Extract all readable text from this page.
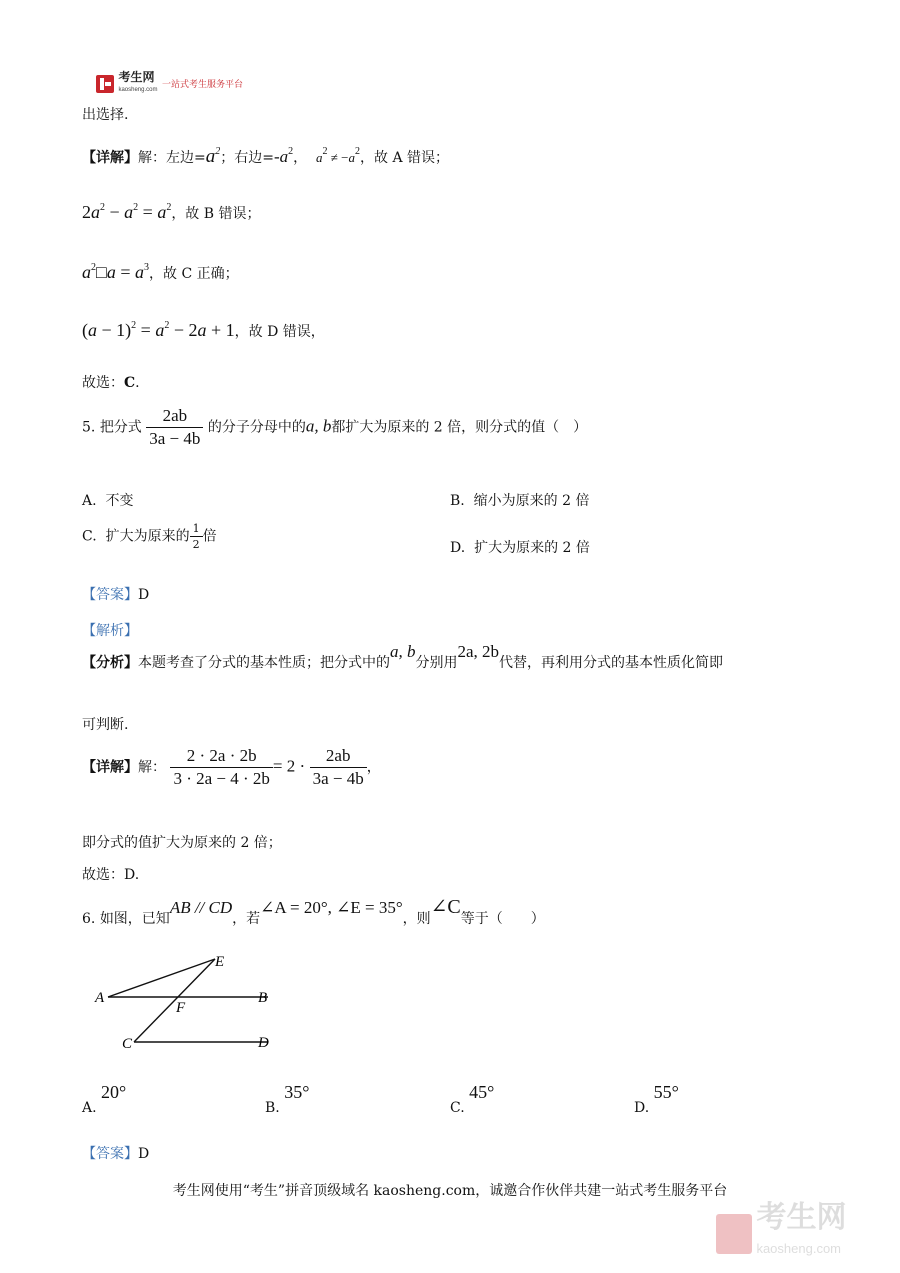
考生网
kaosheng.com 一站式考生服务平台
出选择.
【详解】解：左边$=a^2$；右边$=-a^2$， $a^2 \ne -a^2$，故 A 错误；
$2a^2 - a^2 = a^2$，故 B 错误；
$a^2□a = a^3$，故 C 正确；
$(a - 1)^2 = a^2 - 2a + 1$，故 D 错误，
故选：C.
5. 把分式 $\frac{2ab}{3a - 4b}$ 的分子分母中的a, b都扩大为原来的 2 倍，则分式的值（　）
A. 不变	B. 缩小为原来的 2 倍
C. 扩大为原来的 $\frac{1}{2}$ 倍
D. 扩大为原来的 2 倍
【答案】D
【解析】
【分析】本题考查了分式的基本性质；把分式中的a, b分别用2a, 2b代替，再利用分式的基本性质化简即
可判断.
【详解】解： $\frac{2 \cdot 2a \cdot 2b}{3 \cdot 2a - 4 \cdot 2b} = 2 \cdot \frac{2ab}{3a - 4b}$ ，
即分式的值扩大为原来的 2 倍；
故选：D.
6. 如图，已知AB // CD，若∠A = 20°, ∠E = 35°，则∠C等于（　　）
A	B
C	D
E
F
A. 20°
B. 35°
C. 45°
D. 55°
【答案】D
考生网使用“考生”拼音顶级域名 kaosheng.com，诚邀合作伙伴共建一站式考生服务平台
考生网
kaosheng.com
